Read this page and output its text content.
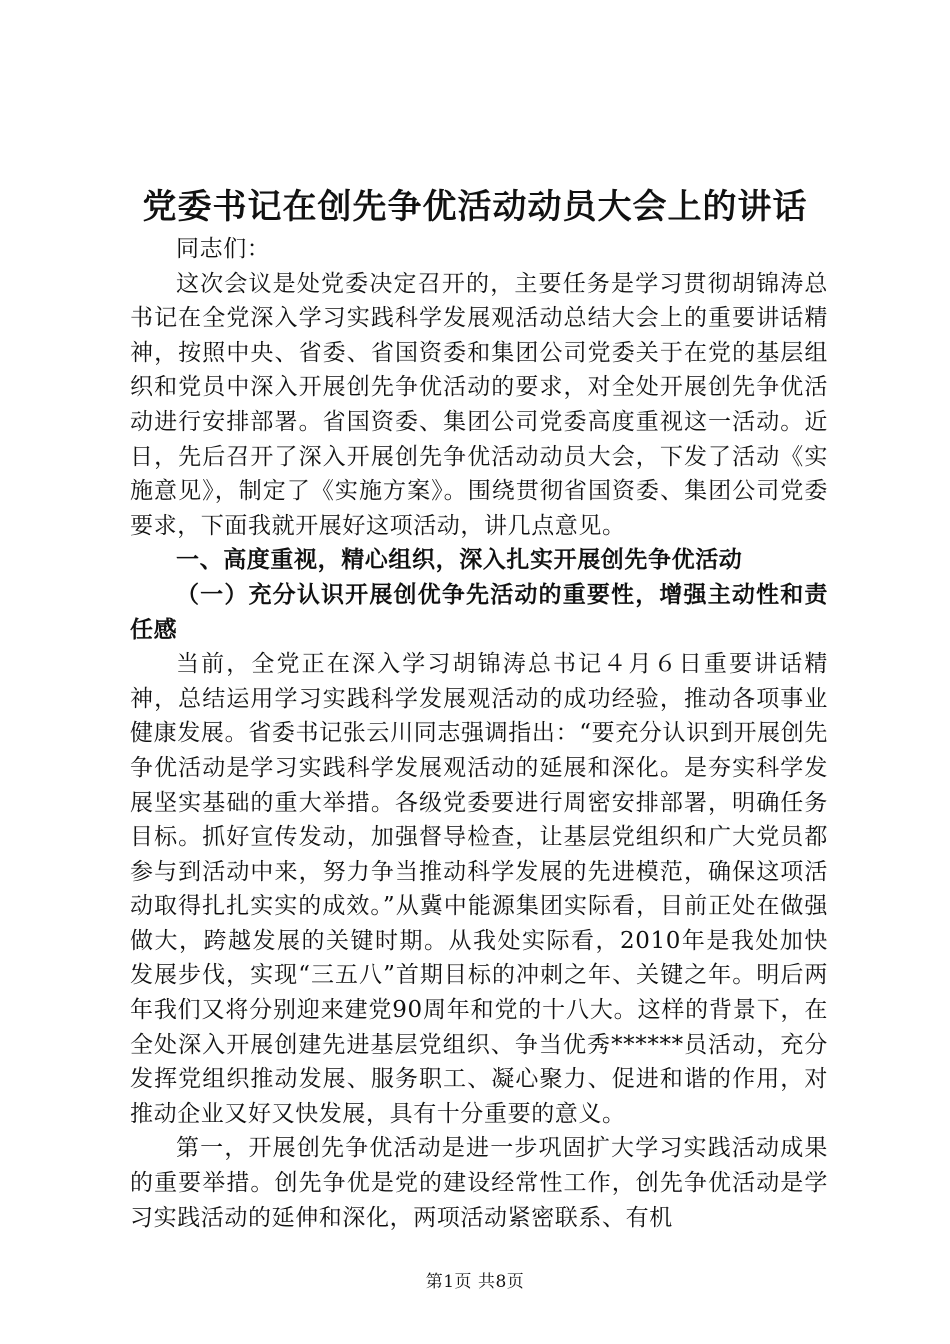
党委书记在创先争优活动动员大会上的讲话

同志们：

这次会议是处党委决定召开的，主要任务是学习贯彻胡锦涛总书记在全党深入学习实践科学发展观活动总结大会上的重要讲话精神，按照中央、省委、省国资委和集团公司党委关于在党的基层组织和党员中深入开展创先争优活动的要求，对全处开展创先争优活动进行安排部署。省国资委、集团公司党委高度重视这一活动。近日，先后召开了深入开展创先争优活动动员大会，下发了活动《实施意见》，制定了《实施方案》。围绕贯彻省国资委、集团公司党委要求，下面我就开展好这项活动，讲几点意见。

一、高度重视，精心组织，深入扎实开展创先争优活动

（一）充分认识开展创优争先活动的重要性，增强主动性和责任感

当前，全党正在深入学习胡锦涛总书记４月６日重要讲话精神，总结运用学习实践科学发展观活动的成功经验，推动各项事业健康发展。省委书记张云川同志强调指出：“要充分认识到开展创先争优活动是学习实践科学发展观活动的延展和深化。是夯实科学发展坚实基础的重大举措。各级党委要进行周密安排部署，明确任务目标。抓好宣传发动，加强督导检查，让基层党组织和广大党员都参与到活动中来，努力争当推动科学发展的先进模范，确保这项活动取得扎扎实实的成效。”从冀中能源集团实际看，目前正处在做强做大，跨越发展的关键时期。从我处实际看，2010年是我处加快发展步伐，实现“三五八”首期目标的冲刺之年、关键之年。明后两年我们又将分别迎来建党90周年和党的十八大。这样的背景下，在全处深入开展创建先进基层党组织、争当优秀******员活动，充分发挥党组织推动发展、服务职工、凝心聚力、促进和谐的作用，对推动企业又好又快发展，具有十分重要的意义。

第一，开展创先争优活动是进一步巩固扩大学习实践活动成果的重要举措。创先争优是党的建设经常性工作，创先争优活动是学习实践活动的延伸和深化，两项活动紧密联系、有机

第1页 共8页
